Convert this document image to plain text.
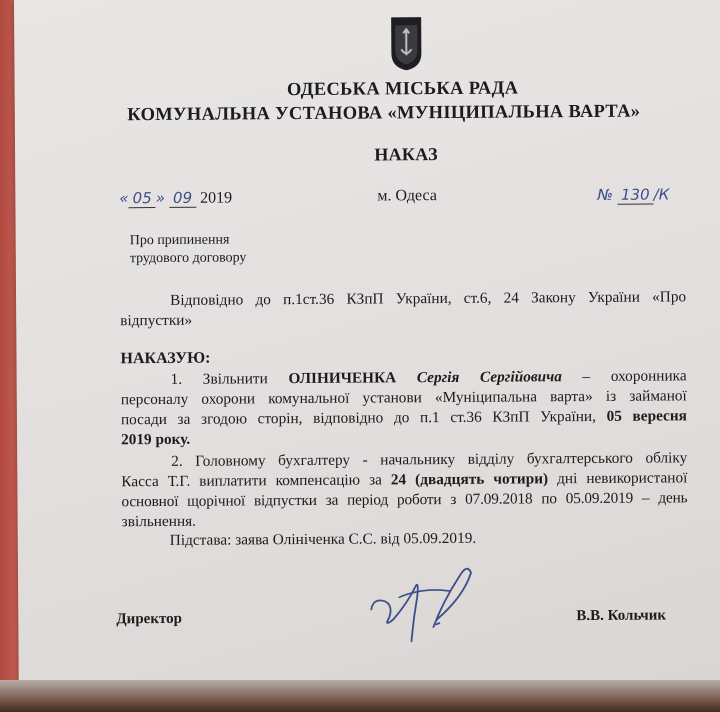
ОДЕСЬКА МІСЬКА РАДА
КОМУНАЛЬНА УСТАНОВА «МУНІЦИПАЛЬНА ВАРТА»
НАКАЗ
« 05 » 09 2019	м. Одеса	№ 130 /К
Про припинення
трудового договору
Відповідно до п.1ст.36 КЗпП України, ст.6, 24 Закону України «Про
відпустки»
НАКАЗУЮ:
1. Звільнити ОЛІНИЧЕНКА Сергія Сергійовича – охоронника
персоналу охорони комунальної установи «Муніципальна варта» із займаної
посади за згодою сторін, відповідно до п.1 ст.36 КЗпП України, 05 вересня
2019 року.
2. Головному бухгалтеру - начальнику відділу бухгалтерського обліку
Касса Т.Г. виплатити компенсацію за 24 (двадцять чотири) дні невикористаної
основної щорічної відпустки за період роботи з 07.09.2018 по 05.09.2019 – день
звільнення.
Підстава: заява Олініченка С.С. від 05.09.2019.
Директор	В.В. Кольчик
